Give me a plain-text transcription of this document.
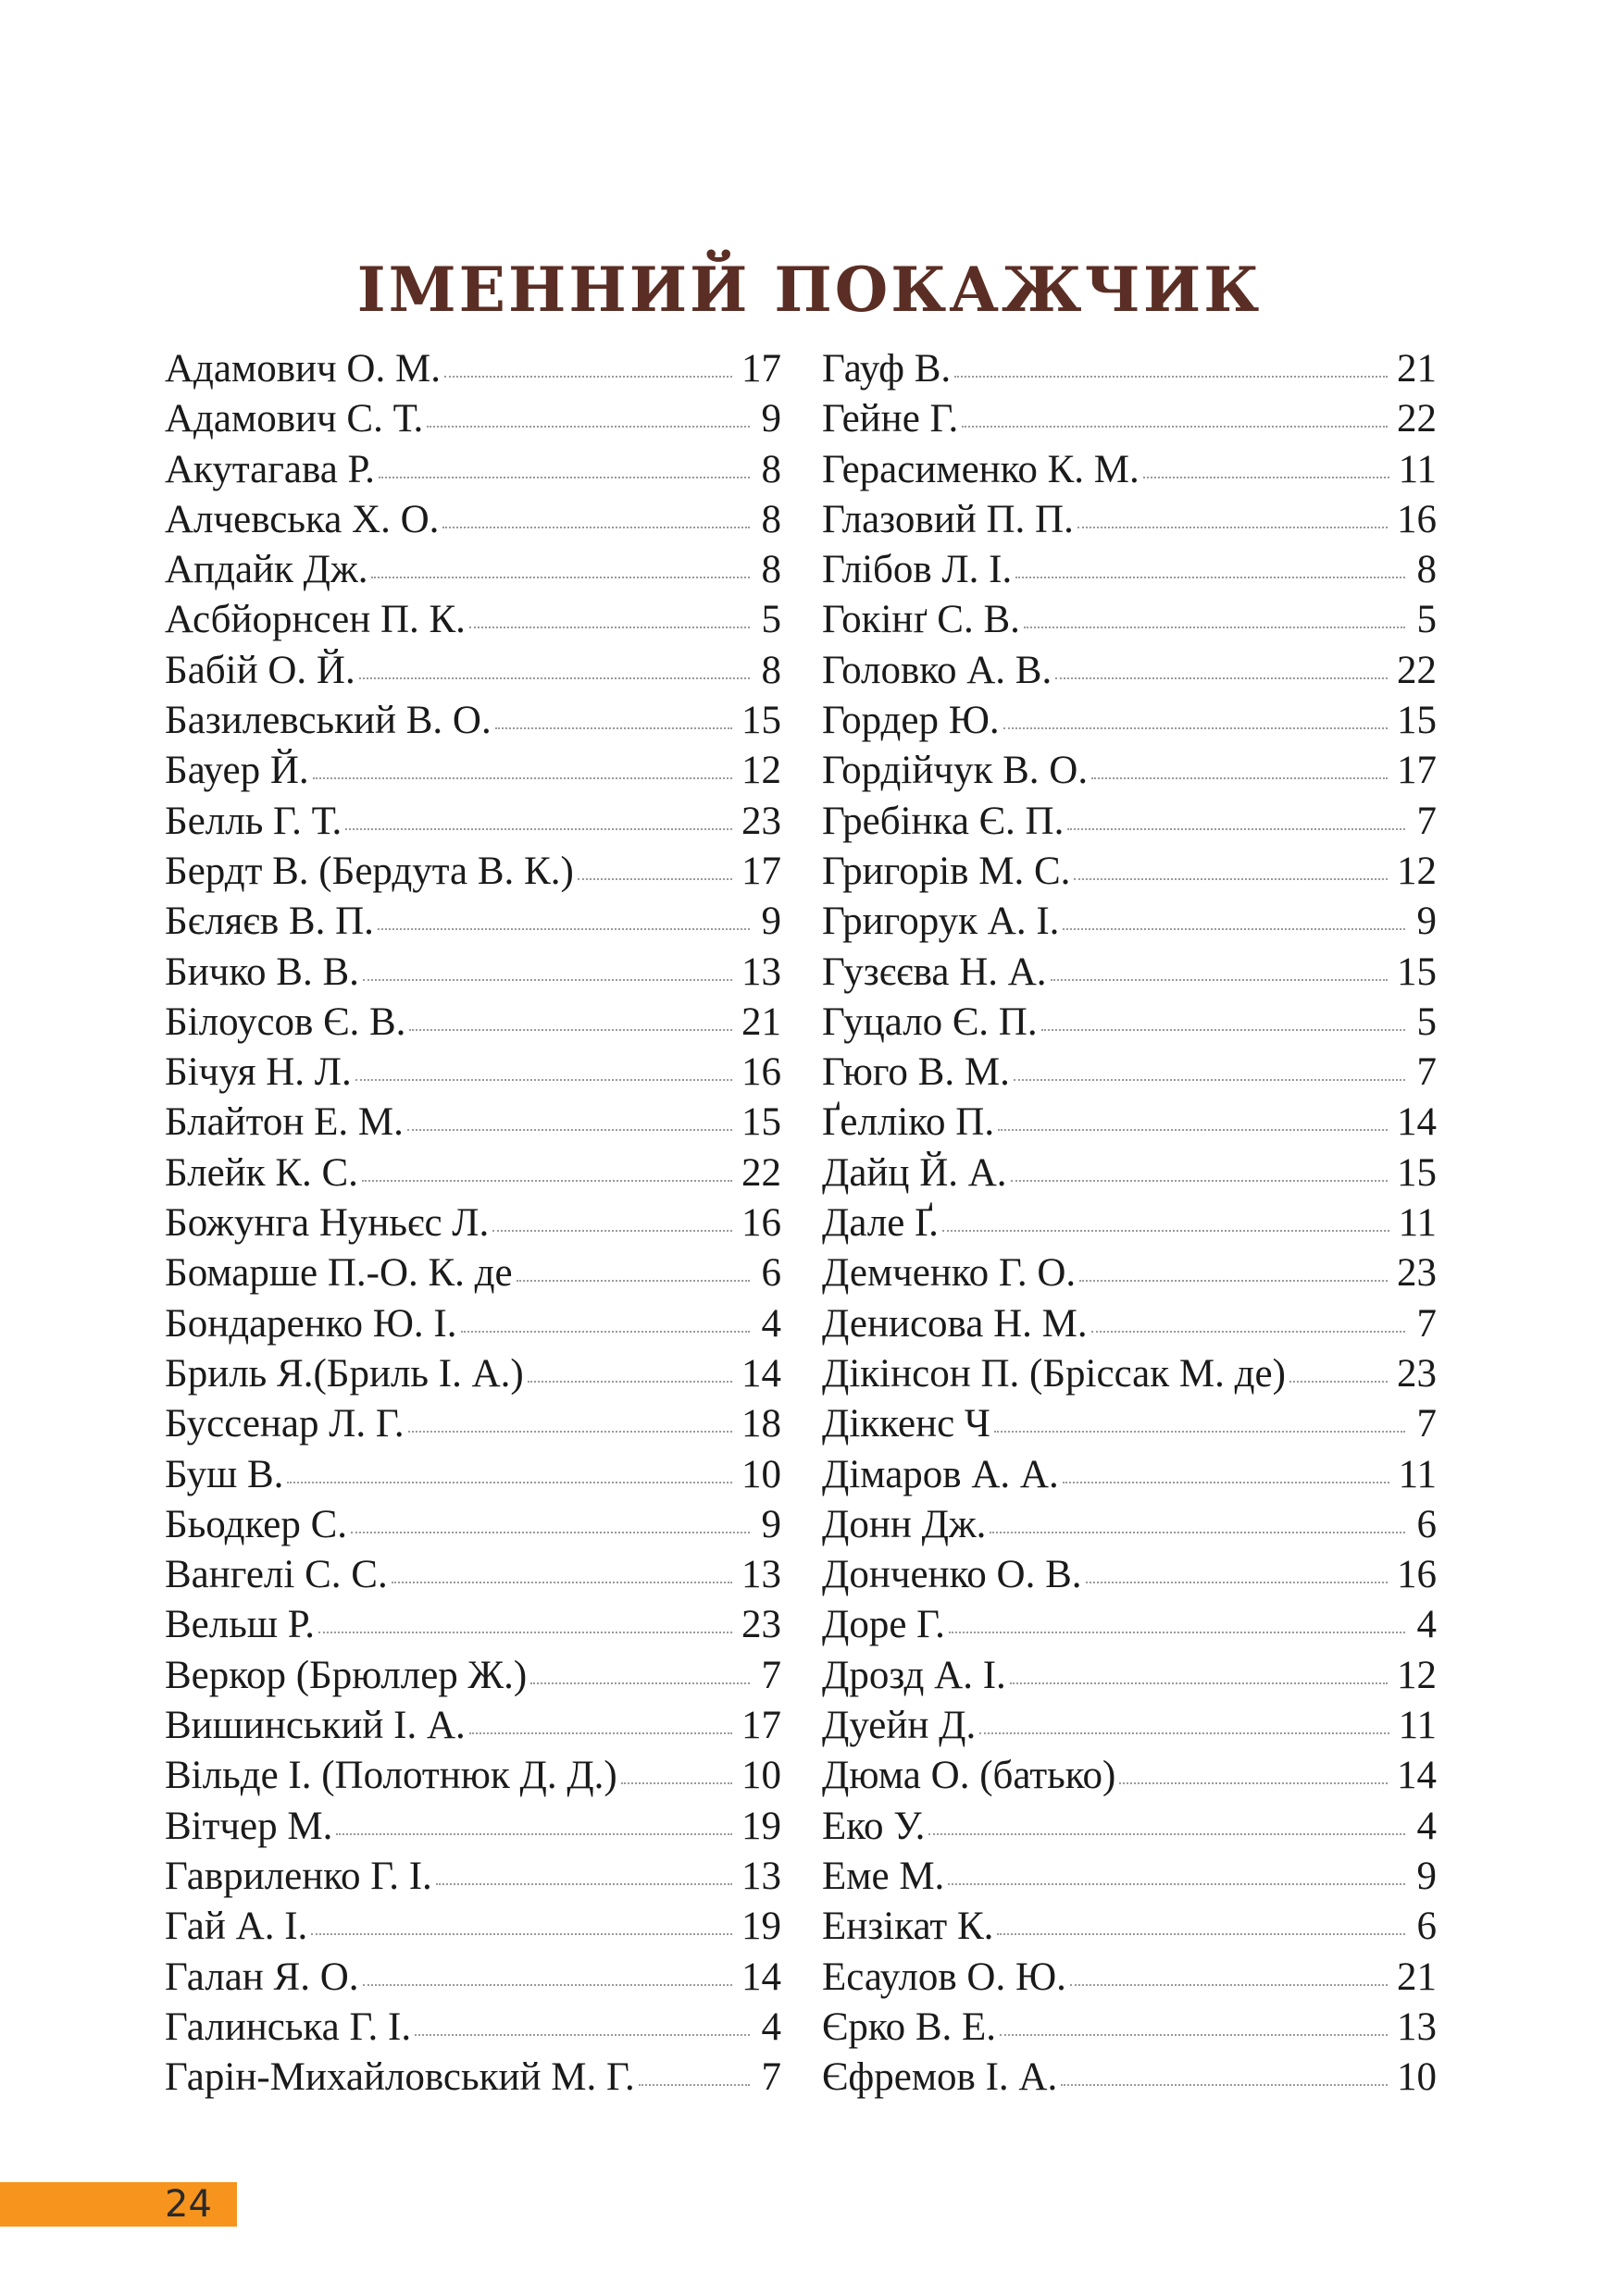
ІМЕННИЙ ПОКАЖЧИК
Адамович О. М.	17
Адамович С. Т.	9
Акутагава Р.	8
Алчевська Х. О.	8
Апдайк Дж.	8
Асбйорнсен П. К.	5
Бабій О. Й.	8
Базилевський В. О.	15
Бауер Й.	12
Белль Г. Т.	23
Бердт В. (Бердута В. К.)	17
Бєляєв В. П.	9
Бичко В. В.	13
Білоусов Є. В.	21
Бічуя Н. Л.	16
Блайтон Е. М.	15
Блейк К. С.	22
Божунга Нуньєс Л.	16
Бомарше П.-О. К. де	6
Бондаренко Ю. І.	4
Бриль Я.(Бриль І. А.)	14
Буссенар Л. Г.	18
Буш В.	10
Бьодкер С.	9
Вангелі С. С.	13
Вельш Р.	23
Веркор (Брюллер Ж.)	7
Вишинський І. А.	17
Вільде І. (Полотнюк Д. Д.)	10
Вітчер М.	19
Гавриленко Г. І.	13
Гай А. І.	19
Галан Я. О.	14
Галинська Г. І.	4
Гарін-Михайловський М. Г.	7
Гауф В.	21
Гейне Г.	22
Герасименко К. М.	11
Глазовий П. П.	16
Глібов Л. І.	8
Гокінґ С. В.	5
Головко А. В.	22
Гордер Ю.	15
Гордійчук В. О.	17
Гребінка Є. П.	7
Григорів М. С.	12
Григорук А. І.	9
Гузєєва Н. А.	15
Гуцало Є. П.	5
Гюго В. М.	7
Ґелліко П.	14
Дайц Й. А.	15
Дале Ґ.	11
Демченко Г. О.	23
Денисова Н. М.	7
Дікінсон П. (Бріссак М. де)	23
Діккенс Ч	7
Дімаров А. А.	11
Донн Дж.	6
Донченко О. В.	16
Доре Г.	4
Дрозд А. І.	12
Дуейн Д.	11
Дюма О. (батько)	14
Еко У.	4
Еме М.	9
Ензікат К.	6
Есаулов О. Ю.	21
Єрко В. Е.	13
Єфремов І. А.	10
24
